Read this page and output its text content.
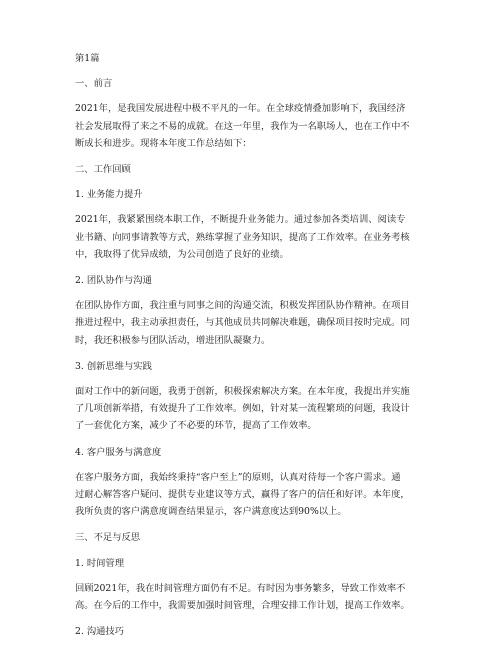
第1篇
一、前言
2021年，是我国发展进程中极不平凡的一年。在全球疫情叠加影响下，我国经济
社会发展取得了来之不易的成就。在这一年里，我作为一名职场人，也在工作中不
断成长和进步。现将本年度工作总结如下：
二、工作回顾
1. 业务能力提升
2021年，我紧紧围绕本职工作，不断提升业务能力。通过参加各类培训、阅读专
业书籍、向同事请教等方式，熟练掌握了业务知识，提高了工作效率。在业务考核
中，我取得了优异成绩，为公司创造了良好的业绩。
2. 团队协作与沟通
在团队协作方面，我注重与同事之间的沟通交流，积极发挥团队协作精神。在项目
推进过程中，我主动承担责任，与其他成员共同解决难题，确保项目按时完成。同
时，我还积极参与团队活动，增进团队凝聚力。
3. 创新思维与实践
面对工作中的新问题，我勇于创新，积极探索解决方案。在本年度，我提出并实施
了几项创新举措，有效提升了工作效率。例如，针对某一流程繁琐的问题，我设计
了一套优化方案，减少了不必要的环节，提高了工作效率。
4. 客户服务与满意度
在客户服务方面，我始终秉持“客户至上”的原则，认真对待每一个客户需求。通
过耐心解答客户疑问、提供专业建议等方式，赢得了客户的信任和好评。本年度，
我所负责的客户满意度调查结果显示，客户满意度达到90%以上。
三、不足与反思
1. 时间管理
回顾2021年，我在时间管理方面仍有不足。有时因为事务繁多，导致工作效率不
高。在今后的工作中，我需要加强时间管理，合理安排工作计划，提高工作效率。
2. 沟通技巧
